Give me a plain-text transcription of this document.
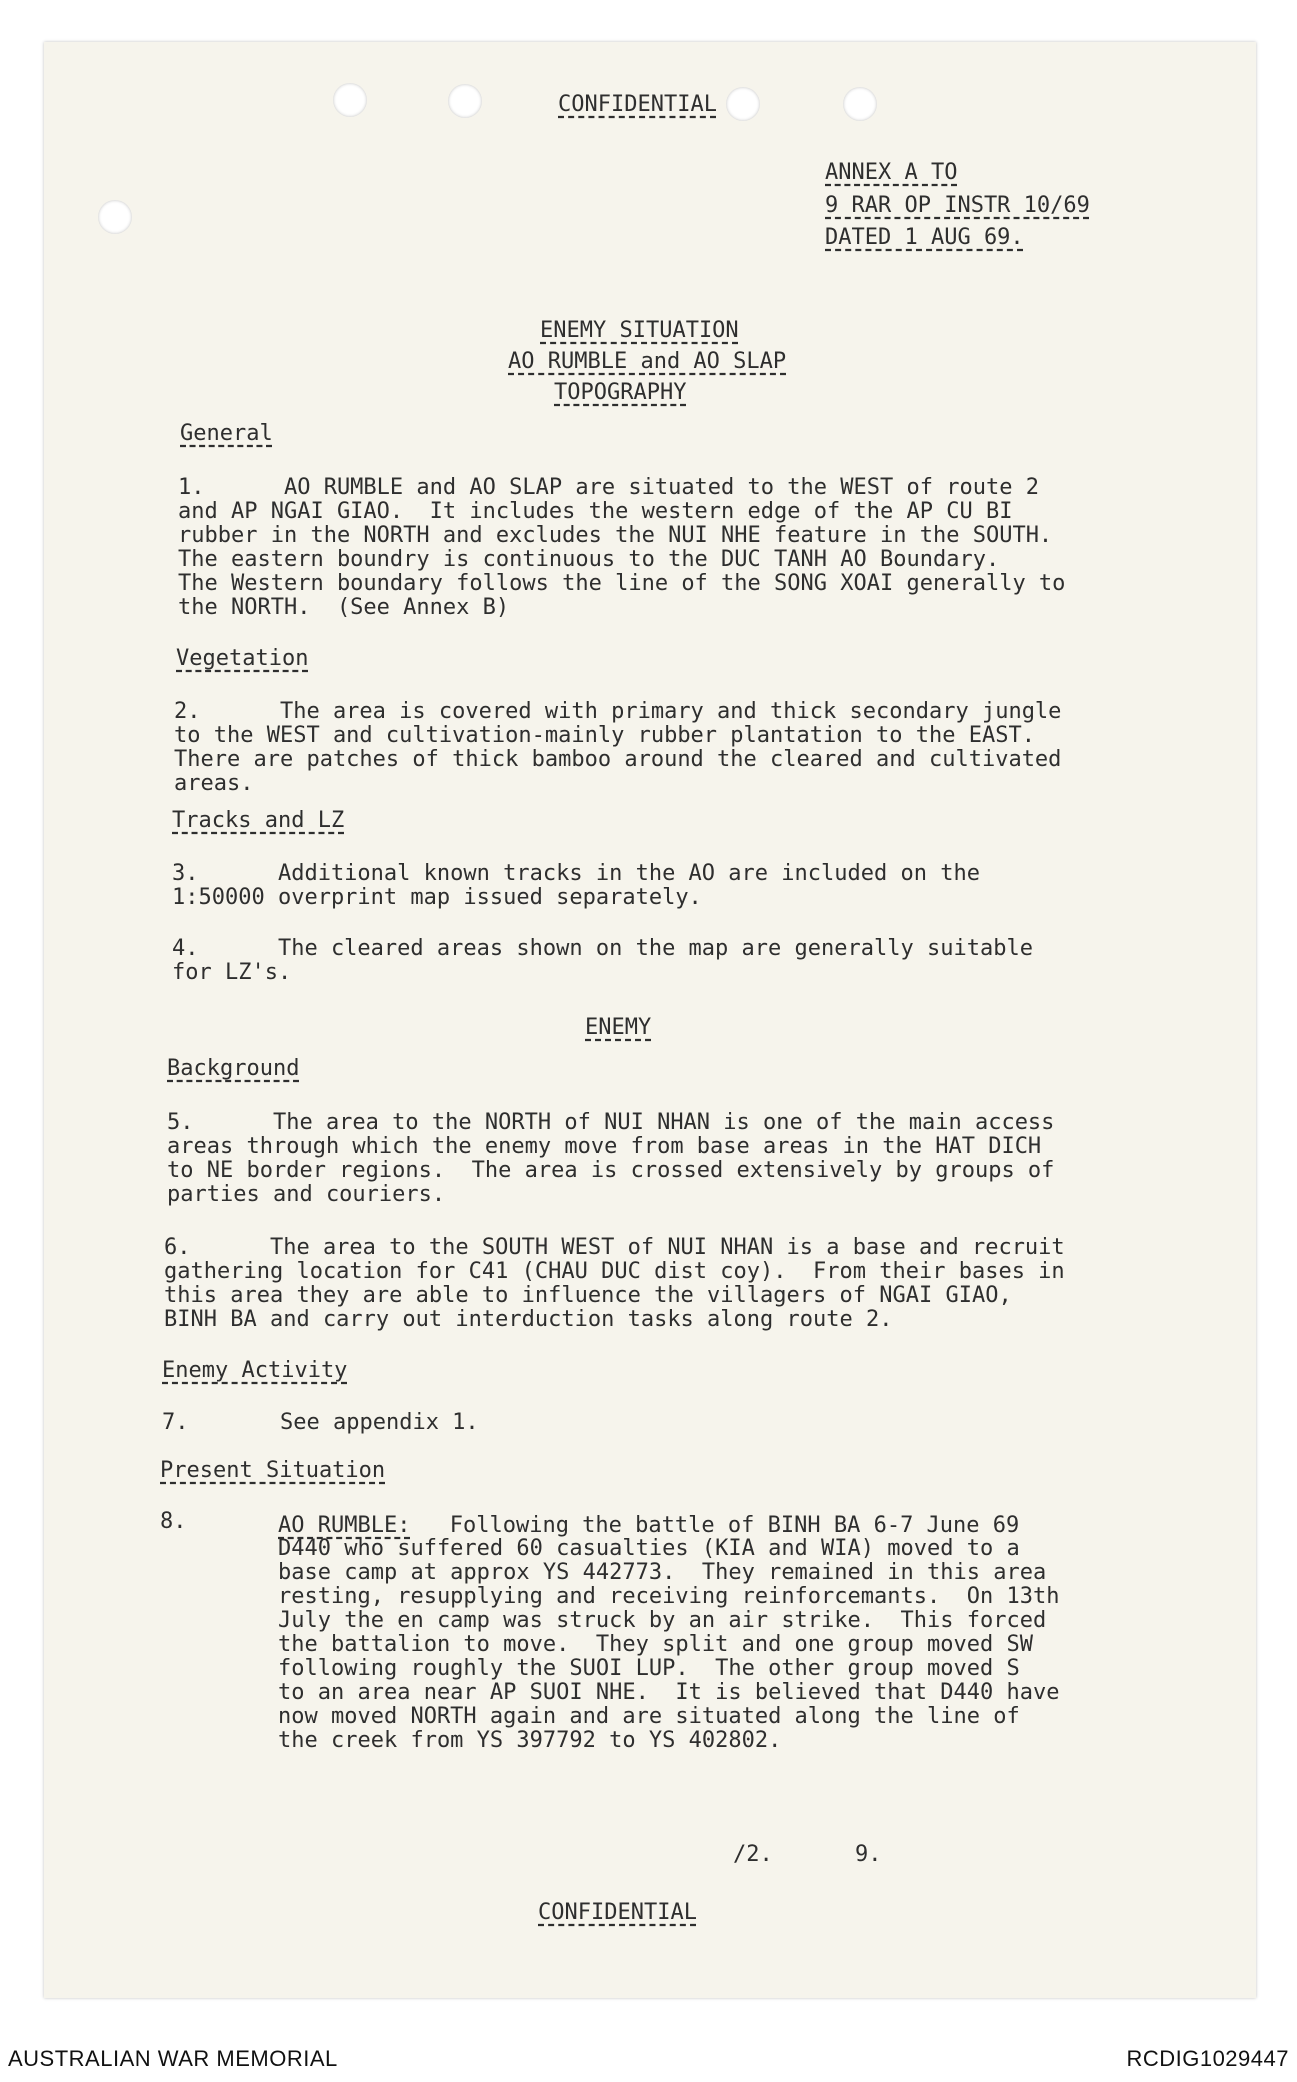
CONFIDENTIAL
ANNEX A TO
9 RAR OP INSTR 10/69
DATED 1 AUG 69.
ENEMY SITUATION
AO RUMBLE and AO SLAP
TOPOGRAPHY
General
1.      AO RUMBLE and AO SLAP are situated to the WEST of route 2
and AP NGAI GIAO.  It includes the western edge of the AP CU BI
rubber in the NORTH and excludes the NUI NHE feature in the SOUTH.
The eastern boundry is continuous to the DUC TANH AO Boundary.
The Western boundary follows the line of the SONG XOAI generally to
the NORTH.  (See Annex B)
Vegetation
2.      The area is covered with primary and thick secondary jungle
to the WEST and cultivation-mainly rubber plantation to the EAST.
There are patches of thick bamboo around the cleared and cultivated
areas.
Tracks and LZ
3.      Additional known tracks in the AO are included on the
1:50000 overprint map issued separately.
4.      The cleared areas shown on the map are generally suitable
for LZ's.
ENEMY
Background
5.      The area to the NORTH of NUI NHAN is one of the main access
areas through which the enemy move from base areas in the HAT DICH
to NE border regions.  The area is crossed extensively by groups of
parties and couriers.
6.      The area to the SOUTH WEST of NUI NHAN is a base and recruit
gathering location for C41 (CHAU DUC dist coy).  From their bases in
this area they are able to influence the villagers of NGAI GIAO,
BINH BA and carry out interduction tasks along route 2.
Enemy Activity
7.	See appendix 1.
Present Situation
8.	AO RUMBLE: Following the battle of BINH BA 6-7 June 69
D440 who suffered 60 casualties (KIA and WIA) moved to a
base camp at approx YS 442773.  They remained in this area
resting, resupplying and receiving reinforcemants.  On 13th
July the en camp was struck by an air strike.  This forced
the battalion to move.  They split and one group moved SW
following roughly the SUOI LUP.  The other group moved S
to an area near AP SUOI NHE.  It is believed that D440 have
now moved NORTH again and are situated along the line of
the creek from YS 397792 to YS 402802.
/2.	9.
CONFIDENTIAL
AUSTRALIAN WAR MEMORIAL	RCDIG1029447
